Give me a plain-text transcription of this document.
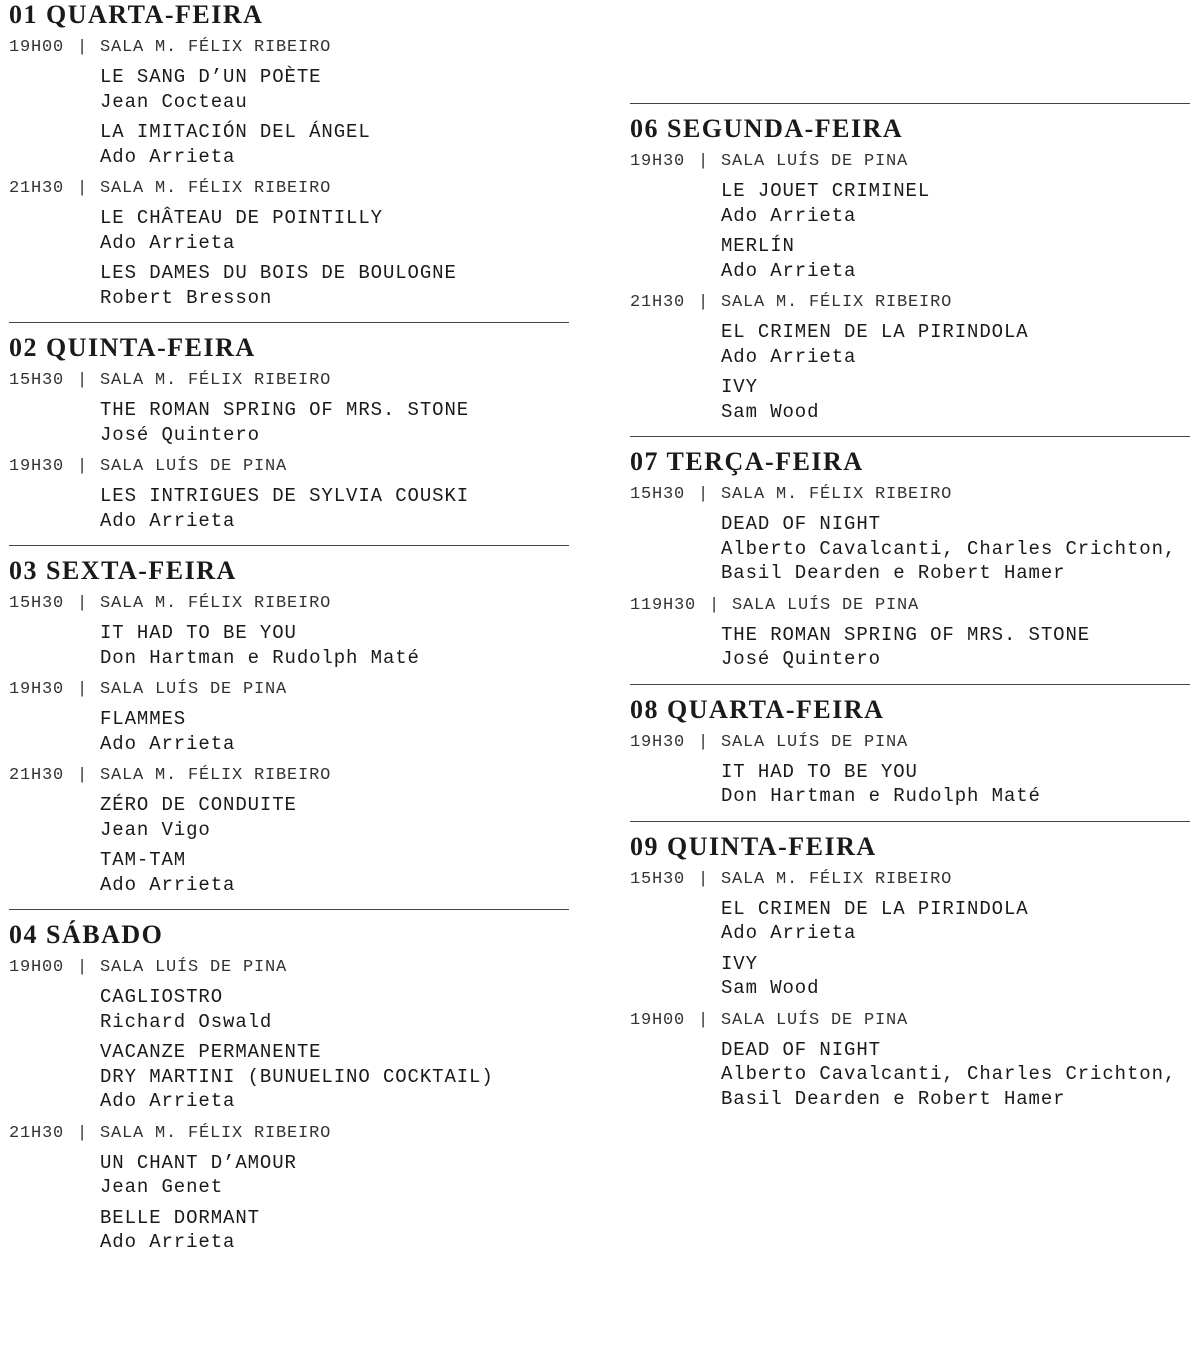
01 QUARTA-FEIRA
19H00 | SALA M. FÉLIX RIBEIRO
LE SANG D’UN POÈTE
Jean Cocteau
LA IMITACIÓN DEL ÁNGEL
Ado Arrieta
21H30 | SALA M. FÉLIX RIBEIRO
LE CHÂTEAU DE POINTILLY
Ado Arrieta
LES DAMES DU BOIS DE BOULOGNE
Robert Bresson
02 QUINTA-FEIRA
15H30 | SALA M. FÉLIX RIBEIRO
THE ROMAN SPRING OF MRS. STONE
José Quintero
19H30 | SALA LUÍS DE PINA
LES INTRIGUES DE SYLVIA COUSKI
Ado Arrieta
03 SEXTA-FEIRA
15H30 | SALA M. FÉLIX RIBEIRO
IT HAD TO BE YOU
Don Hartman e Rudolph Maté
19H30 | SALA LUÍS DE PINA
FLAMMES
Ado Arrieta
21H30 | SALA M. FÉLIX RIBEIRO
ZÉRO DE CONDUITE
Jean Vigo
TAM-TAM
Ado Arrieta
04 SÁBADO
19H00 | SALA LUÍS DE PINA
CAGLIOSTRO
Richard Oswald
VACANZE PERMANENTE
DRY MARTINI (BUNUELINO COCKTAIL)
Ado Arrieta
21H30 | SALA M. FÉLIX RIBEIRO
UN CHANT D’AMOUR
Jean Genet
BELLE DORMANT
Ado Arrieta
06 SEGUNDA-FEIRA
19H30 | SALA LUÍS DE PINA
LE JOUET CRIMINEL
Ado Arrieta
MERLÍN
Ado Arrieta
21H30 | SALA M. FÉLIX RIBEIRO
EL CRIMEN DE LA PIRINDOLA
Ado Arrieta
IVY
Sam Wood
07 TERÇA-FEIRA
15H30 | SALA M. FÉLIX RIBEIRO
DEAD OF NIGHT
Alberto Cavalcanti, Charles Crichton,
Basil Dearden e Robert Hamer
119H30 | SALA LUÍS DE PINA
THE ROMAN SPRING OF MRS. STONE
José Quintero
08 QUARTA-FEIRA
19H30 | SALA LUÍS DE PINA
IT HAD TO BE YOU
Don Hartman e Rudolph Maté
09 QUINTA-FEIRA
15H30 | SALA M. FÉLIX RIBEIRO
EL CRIMEN DE LA PIRINDOLA
Ado Arrieta
IVY
Sam Wood
19H00 | SALA LUÍS DE PINA
DEAD OF NIGHT
Alberto Cavalcanti, Charles Crichton,
Basil Dearden e Robert Hamer
